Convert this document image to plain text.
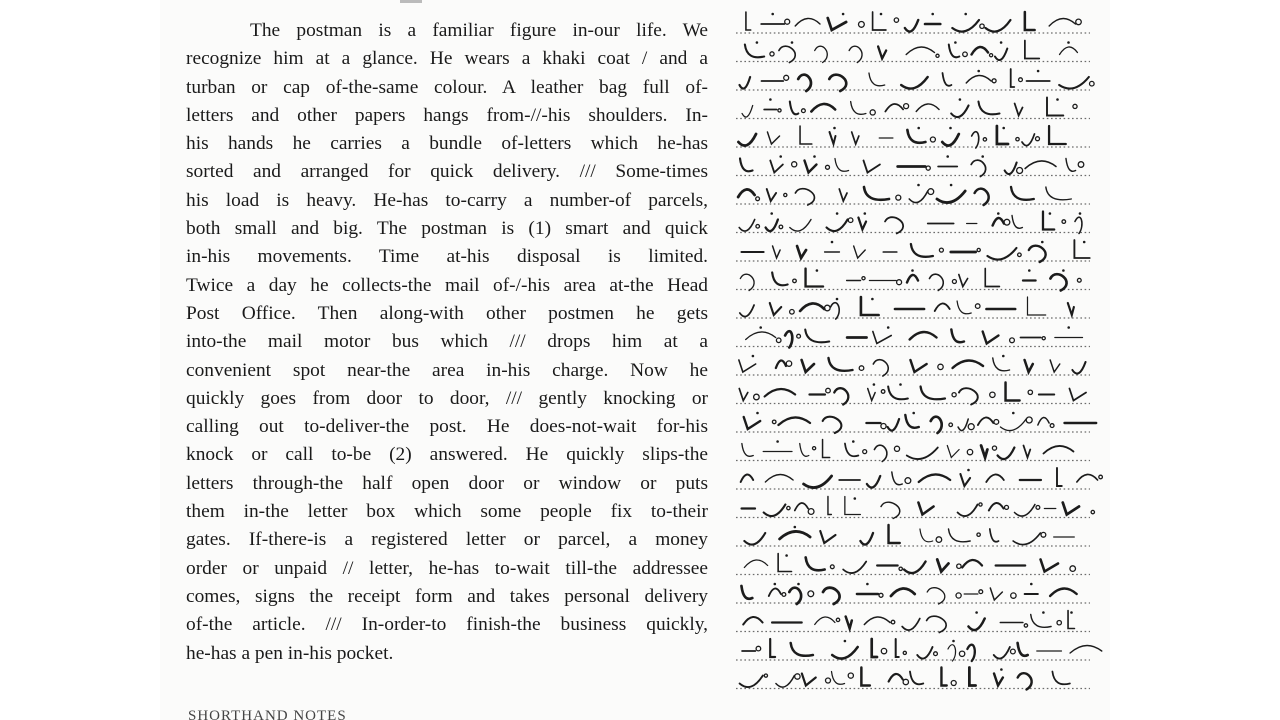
The postman is a familiar figure in-our life. We
recognize him at a glance. He wears a khaki coat / and a
turban or cap of-the-same colour. A leather bag full of-
letters and other papers hangs from-//-his shoulders. In-
his hands he carries a bundle of-letters which he-has
sorted and arranged for quick delivery. /// Some-times
his load is heavy. He-has to-carry a number-of parcels,
both small and big. The postman is (1) smart and quick
in-his movements. Time at-his disposal is limited.
Twice a day he collects-the mail of-/-his area at-the Head
Post Office. Then along-with other postmen he gets
into-the mail motor bus which /// drops him at a
convenient spot near-the area in-his charge. Now he
quickly goes from door to door, /// gently knocking or
calling out to-deliver-the post. He does-not-wait for-his
knock or call to-be (2) answered. He quickly slips-the
letters through-the half open door or window or puts
them in-the letter box which some people fix to-their
gates. If-there-is a registered letter or parcel, a money
order or unpaid // letter, he-has to-wait till-the addressee
comes, signs the receipt form and takes personal delivery
of-the article. /// In-order-to finish-the business quickly,
he-has a pen in-his pocket.
SHORTHAND NOTES
